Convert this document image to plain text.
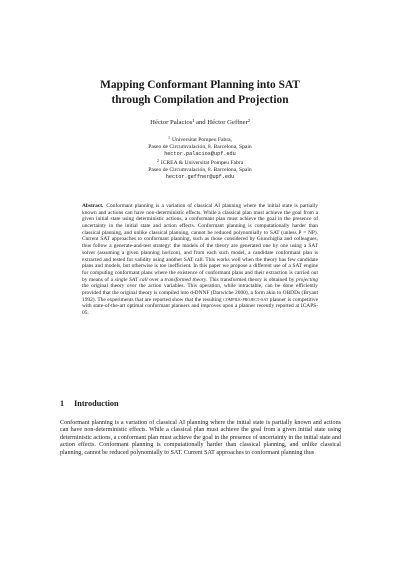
Mapping Conformant Planning into SAT
through Compilation and Projection
Héctor Palacios¹ and Héctor Geffner²
$^1$ Universitat Pompeu Fabra,
Paseo de Circumvalación, 8. Barcelona, Spain
hector.palacios@upf.edu
$^2$ ICREA & Universitat Pompeu Fabra
Paseo de Circumvalación, 8. Barcelona, Spain
hector.geffner@upf.edu
Abstract. Conformant planning is a variation of classical AI planning where the initial state is partially known and actions can have non-deterministic effects. While a classical plan must achieve the goal from a given initial state using deterministic actions, a conformant plan must achieve the goal in the presence of uncertainty in the initial state and action effects. Conformant planning is computationally harder than classical planning, and unlike classical planning, cannot be reduced polynomially to SAT (unless P = NP). Current SAT approaches to conformant planning, such as those considered by Giunchiglia and colleagues, thus follow a generate-and-test strategy: the models of the theory are generated one by one using a SAT solver (assuming a given planning horizon), and from each such model, a candidate conformant plan is extracted and tested for validity using another SAT call. This works well when the theory has few candidate plans and models, but otherwise is too inefficient. In this paper we propose a different use of a SAT engine for computing conformant plans where the existence of conformant plans and their extraction is carried out by means of a single SAT call over a transformed theory. This transformed theory is obtained by projecting the original theory over the action variables. This operation, while intractable, can be done efficiently provided that the original theory is compiled into d-DNNF (Darwiche 2000), a form akin to OBDDs (Bryant 1992). The experiments that are reported show that the resulting compile-project-sat planner is competitive with state-of-the-art optimal conformant planners and improves upon a planner recently reported at ICAPS-05.
1 Introduction
Conformant planning is a variation of classical AI planning where the initial state is partially known and actions can have non-deterministic effects. While a classical plan must achieve the goal from a given initial state using deterministic actions, a conformant plan must achieve the goal in the presence of uncertainty in the initial state and action effects. Conformant planning is computationally harder than classical planning, and unlike classical planning, cannot be reduced polynomially to SAT. Current SAT approaches to conformant planning thus
